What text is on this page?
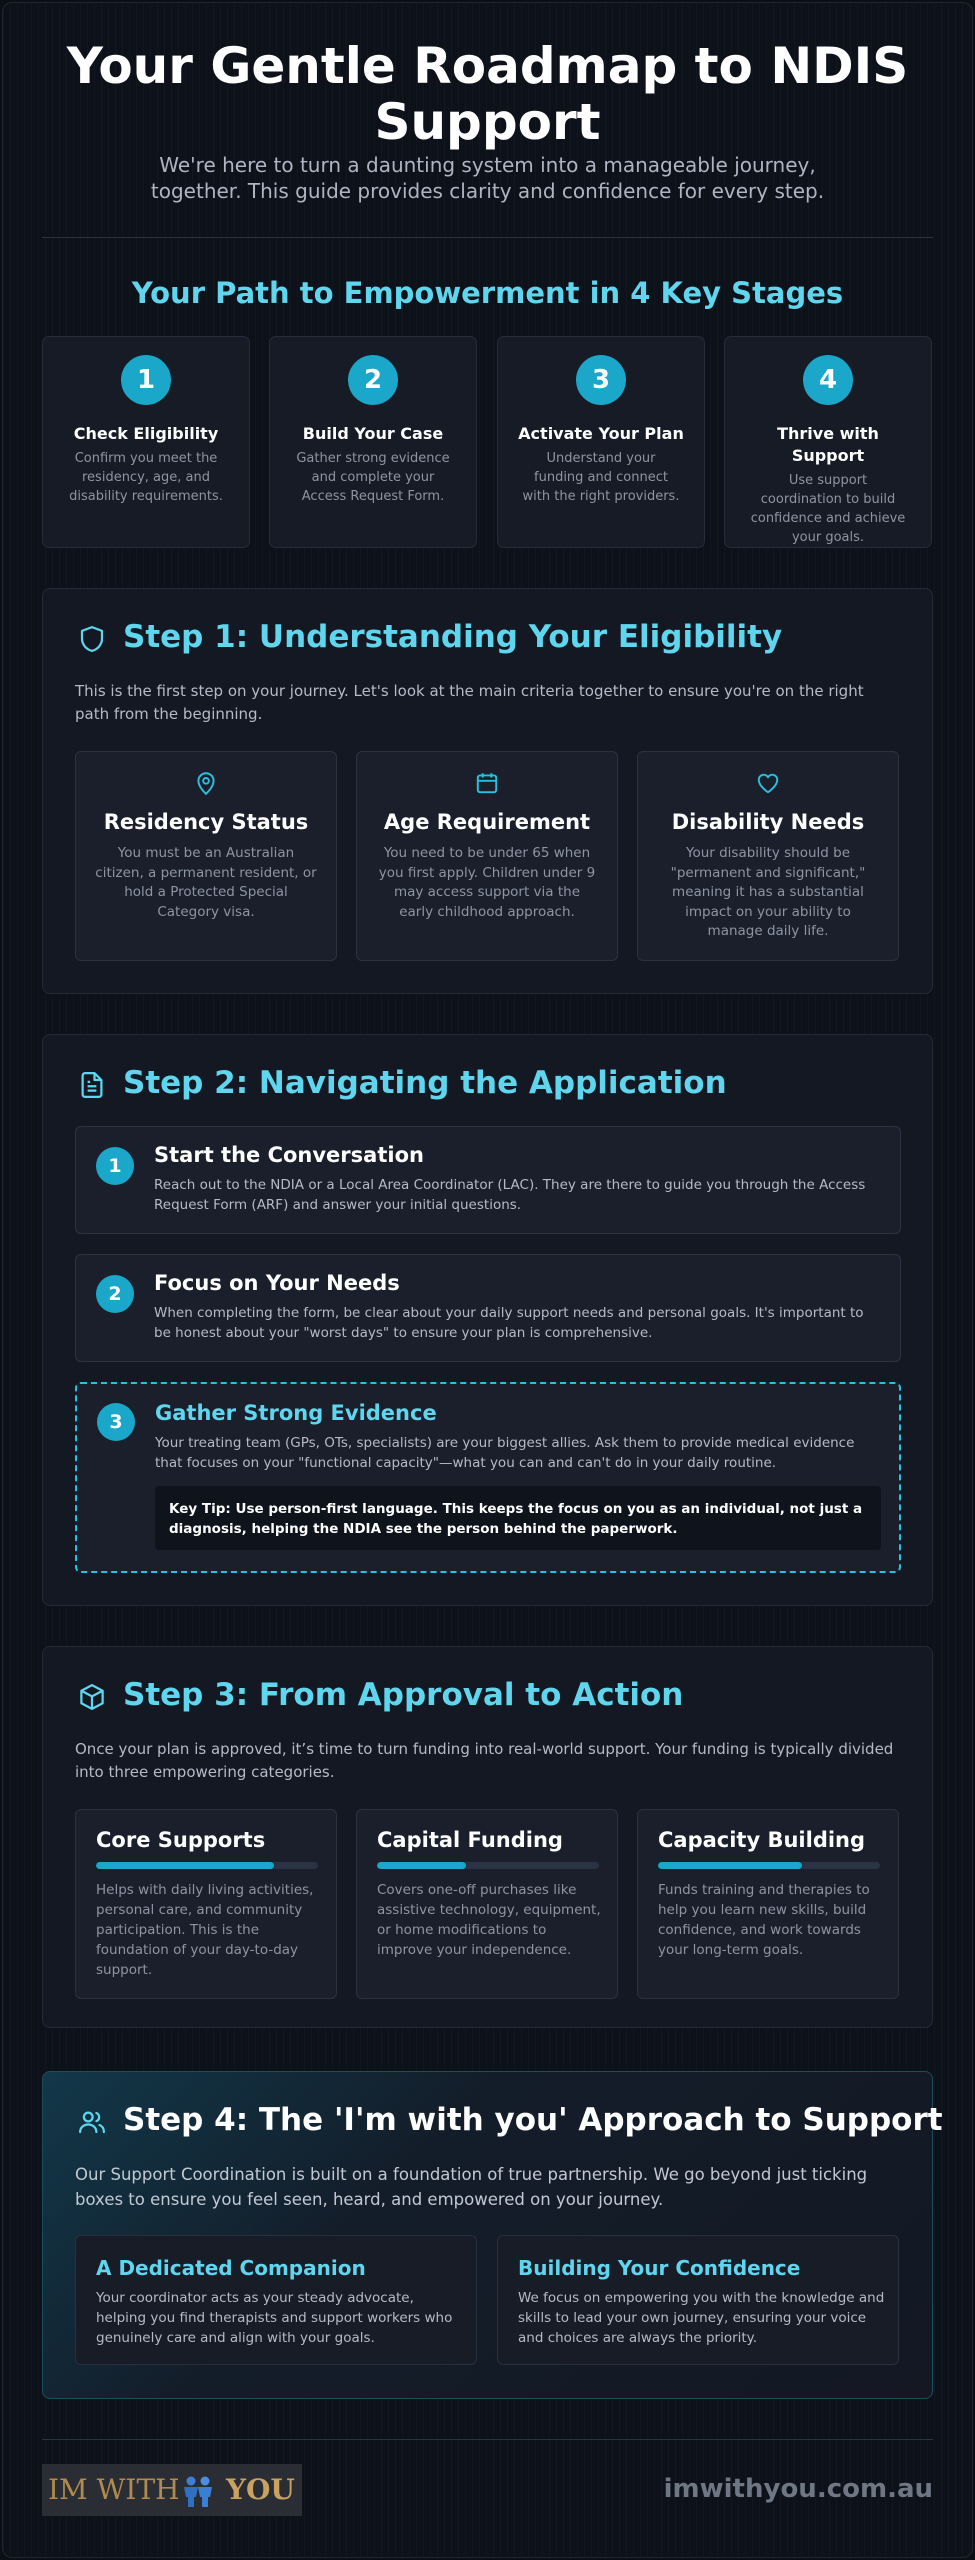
Your Gentle Roadmap to NDIS Support

We're here to turn a daunting system into a manageable journey, together. This guide provides clarity and confidence for every step.

Your Path to Empowerment in 4 Key Stages
1
Check Eligibility
Confirm you meet the residency, age, and disability requirements.
2
Build Your Case
Gather strong evidence and complete your Access Request Form.
3
Activate Your Plan
Understand your funding and connect with the right providers.
4
Thrive with Support
Use support coordination to build confidence and achieve your goals.
Step 1: Understanding Your Eligibility

This is the first step on your journey. Let's look at the main criteria together to ensure you're on the right path from the beginning.

Residency Status
You must be an Australian citizen, a permanent resident, or hold a Protected Special Category visa.
Age Requirement
You need to be under 65 when you first apply. Children under 9 may access support via the early childhood approach.
Disability Needs
Your disability should be "permanent and significant," meaning it has a substantial impact on your ability to manage daily life.
Step 2: Navigating the Application
1	Start the Conversation
Reach out to the NDIA or a Local Area Coordinator (LAC). They are there to guide you through the Access Request Form (ARF) and answer your initial questions.
2	Focus on Your Needs
When completing the form, be clear about your daily support needs and personal goals. It's important to be honest about your "worst days" to ensure your plan is comprehensive.
3	Gather Strong Evidence
Your treating team (GPs, OTs, specialists) are your biggest allies. Ask them to provide medical evidence that focuses on your "functional capacity"—what you can and can't do in your daily routine.
Key Tip: Use person-first language. This keeps the focus on you as an individual, not just a diagnosis, helping the NDIA see the person behind the paperwork.
Step 3: From Approval to Action

Once your plan is approved, it’s time to turn funding into real-world support. Your funding is typically divided into three empowering categories.

Core Supports
Helps with daily living activities, personal care, and community participation. This is the foundation of your day-to-day support.
Capital Funding
Covers one-off purchases like assistive technology, equipment, or home modifications to improve your independence.
Capacity Building
Funds training and therapies to help you learn new skills, build confidence, and work towards your long-term goals.
Step 4: The 'I'm with you' Approach to Support

Our Support Coordination is built on a foundation of true partnership. We go beyond just ticking boxes to ensure you feel seen, heard, and empowered on your journey.

A Dedicated Companion
Your coordinator acts as your steady advocate, helping you find therapists and support workers who genuinely care and align with your goals.
Building Your Confidence
We focus on empowering you with the knowledge and skills to lead your own journey, ensuring your voice and choices are always the priority.
IM WITH YOU	imwithyou.com.au
